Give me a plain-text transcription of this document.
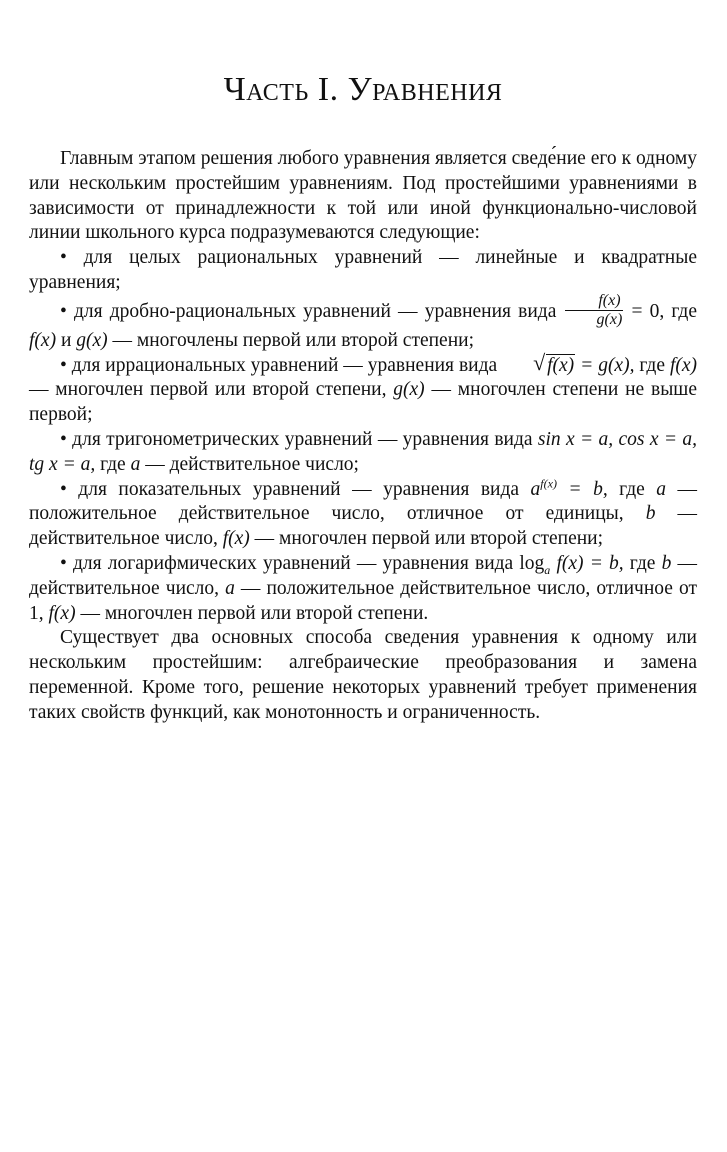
Часть I. Уравнения

Главным этапом решения любого уравнения является сведе́ние его к одному или нескольким простейшим уравнениям. Под простейшими уравнениями в зависимости от принадлежности к той или иной функционально-числовой линии школьного курса подразумеваются следующие:

• для целых рациональных уравнений — линейные и квадратные уравнения;

• для дробно-рациональных уравнений — уравнения вида $\frac{f(x)}{g(x)} = 0$, где f(x) и g(x) — многочлены первой или второй степени;

• для иррациональных уравнений — уравнения вида	√ f(x) = g(x), где f(x) — многочлен первой или второй степени, g(x) — многочлен степени не выше первой;

• для тригонометрических уравнений — уравнения вида sin x = a, cos x = a, tg x = a, где a — действительное число;

• для показательных уравнений — уравнения вида $a^{f(x)} = b$, где a — положительное действительное число, отличное от единицы, b — действительное число, f(x) — многочлен первой или второй степени;

• для логарифмических уравнений — уравнения вида $\log_a f(x) = b$, где b — действительное число, a — положительное действительное число, отличное от 1, f(x) — многочлен первой или второй степени.

Существует два основных способа сведения уравнения к одному или нескольким простейшим: алгебраические преобразования и замена переменной. Кроме того, решение некоторых уравнений требует применения таких свойств функций, как монотонность и ограниченность.
